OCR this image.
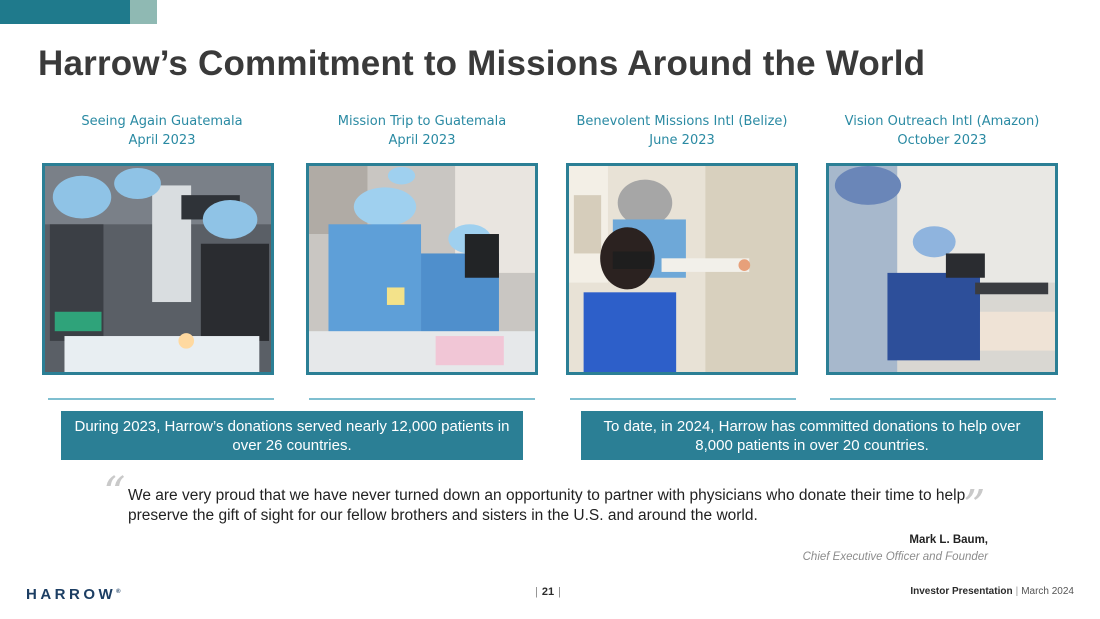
Harrow’s Commitment to Missions Around the World
Seeing Again Guatemala
April 2023
Mission Trip to Guatemala
April 2023
Benevolent Missions Intl (Belize)
June 2023
Vision Outreach Intl (Amazon)
October 2023
During 2023, Harrow’s donations served nearly 12,000 patients in over 26 countries.
To date, in 2024, Harrow has committed donations to help over 8,000 patients in over 20 countries.
“ We are very proud that we have never turned down an opportunity to partner with physicians who donate their time to help preserve the gift of sight for our fellow brothers and sisters in the U.S. and around the world.	”
Mark L. Baum,
Chief Executive Officer and Founder
HARROW®	| 21 |	Investor Presentation | March 2024
